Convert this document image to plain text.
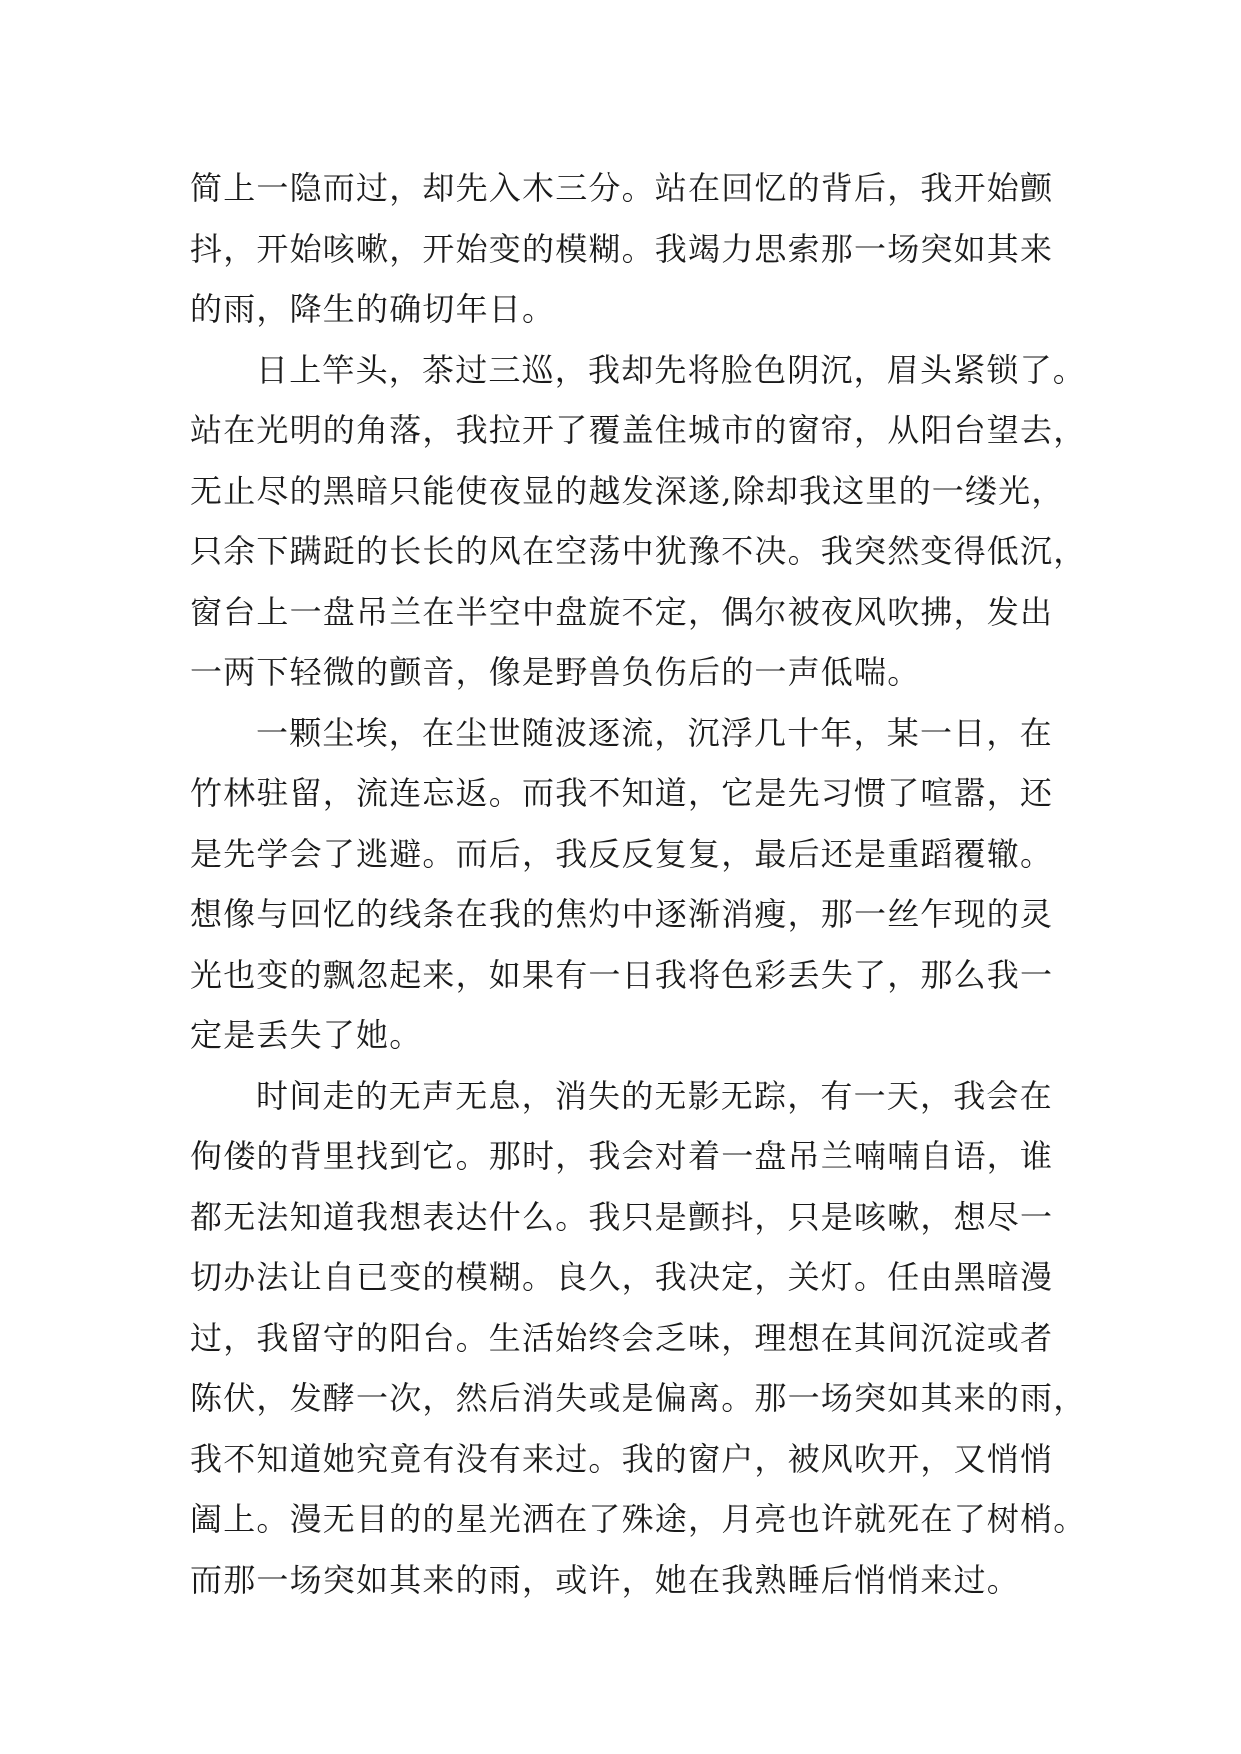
简上一隐而过，却先入木三分。站在回忆的背后，我开始颤
抖，开始咳嗽，开始变的模糊。我竭力思索那一场突如其来
的雨，降生的确切年日。
日上竿头，茶过三巡，我却先将脸色阴沉，眉头紧锁了。
站在光明的角落，我拉开了覆盖住城市的窗帘，从阳台望去，
无止尽的黑暗只能使夜显的越发深遂,除却我这里的一缕光，
只余下蹒跹的长长的风在空荡中犹豫不决。我突然变得低沉，
窗台上一盘吊兰在半空中盘旋不定，偶尔被夜风吹拂，发出
一两下轻微的颤音，像是野兽负伤后的一声低喘。
一颗尘埃，在尘世随波逐流，沉浮几十年，某一日，在
竹林驻留，流连忘返。而我不知道，它是先习惯了喧嚣，还
是先学会了逃避。而后，我反反复复，最后还是重蹈覆辙。
想像与回忆的线条在我的焦灼中逐渐消瘦，那一丝乍现的灵
光也变的飘忽起来，如果有一日我将色彩丢失了，那么我一
定是丢失了她。
时间走的无声无息，消失的无影无踪，有一天，我会在
佝偻的背里找到它。那时，我会对着一盘吊兰喃喃自语，谁
都无法知道我想表达什么。我只是颤抖，只是咳嗽，想尽一
切办法让自已变的模糊。良久，我决定，关灯。任由黑暗漫
过，我留守的阳台。生活始终会乏味，理想在其间沉淀或者
陈伏，发酵一次，然后消失或是偏离。那一场突如其来的雨，
我不知道她究竟有没有来过。我的窗户，被风吹开，又悄悄
阖上。漫无目的的星光洒在了殊途，月亮也许就死在了树梢。
而那一场突如其来的雨，或许，她在我熟睡后悄悄来过。
